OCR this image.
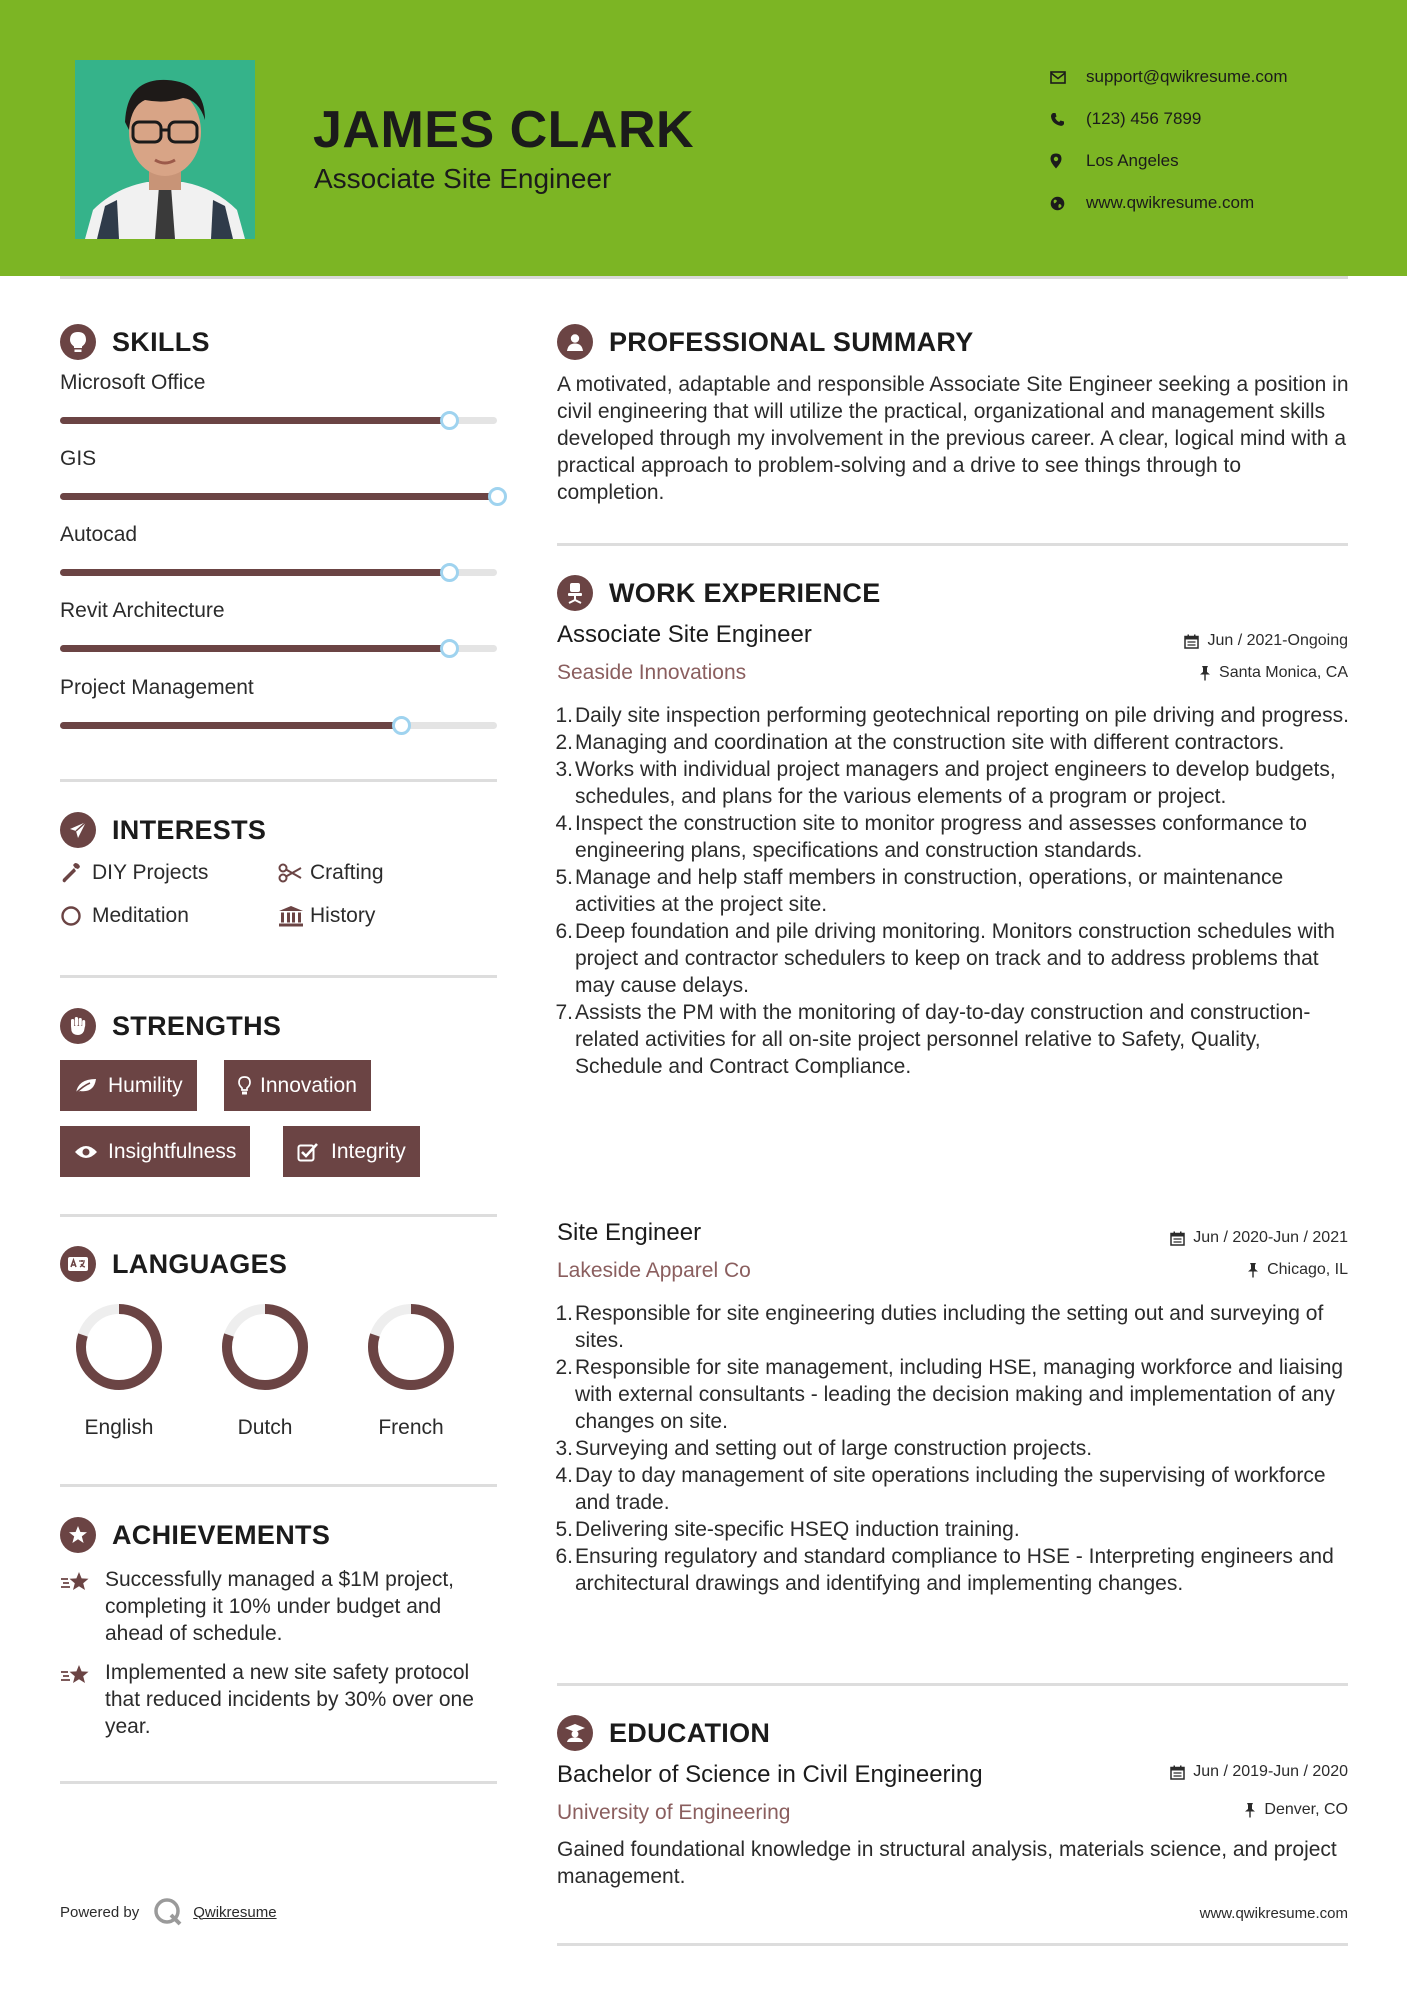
JAMES CLARK
Associate Site Engineer
support@qwikresume.com
(123) 456 7899
Los Angeles
www.qwikresume.com
SKILLS
Microsoft Office
GIS
Autocad
Revit Architecture
Project Management
INTERESTS
DIY Projects	Crafting
Meditation	History
STRENGTHS
Humility	Innovation
Insightfulness	Integrity
LANGUAGES
English	Dutch	French
ACHIEVEMENTS
Successfully managed a $1M project, completing it 10% under budget and ahead of schedule.
Implemented a new site safety protocol that reduced incidents by 30% over one year.
PROFESSIONAL SUMMARY

A motivated, adaptable and responsible Associate Site Engineer seeking a position in civil engineering that will utilize the practical, organizational and management skills developed through my involvement in the previous career. A clear, logical mind with a practical approach to problem-solving and a drive to see things through to completion.

WORK EXPERIENCE
Associate Site Engineer	Jun / 2021-Ongoing
Seaside Innovations	Santa Monica, CA
1. Daily site inspection performing geotechnical reporting on pile driving and progress.
2. Managing and coordination at the construction site with different contractors.
3. Works with individual project managers and project engineers to develop budgets, schedules, and plans for the various elements of a program or project.
4. Inspect the construction site to monitor progress and assesses conformance to engineering plans, specifications and construction standards.
5. Manage and help staff members in construction, operations, or maintenance activities at the project site.
6. Deep foundation and pile driving monitoring. Monitors construction schedules with project and contractor schedulers to keep on track and to address problems that may cause delays.
7. Assists the PM with the monitoring of day-to-day construction and construction-related activities for all on-site project personnel relative to Safety, Quality, Schedule and Contract Compliance.
Site Engineer	Jun / 2020-Jun / 2021
Lakeside Apparel Co	Chicago, IL
1. Responsible for site engineering duties including the setting out and surveying of sites.
2. Responsible for site management, including HSE, managing workforce and liaising with external consultants - leading the decision making and implementation of any changes on site.
3. Surveying and setting out of large construction projects.
4. Day to day management of site operations including the supervising of workforce and trade.
5. Delivering site-specific HSEQ induction training.
6. Ensuring regulatory and standard compliance to HSE - Interpreting engineers and architectural drawings and identifying and implementing changes.
EDUCATION
Bachelor of Science in Civil Engineering	Jun / 2019-Jun / 2020
University of Engineering	Denver, CO

Gained foundational knowledge in structural analysis, materials science, and project management.

Powered by	Qwikresume	www.qwikresume.com
